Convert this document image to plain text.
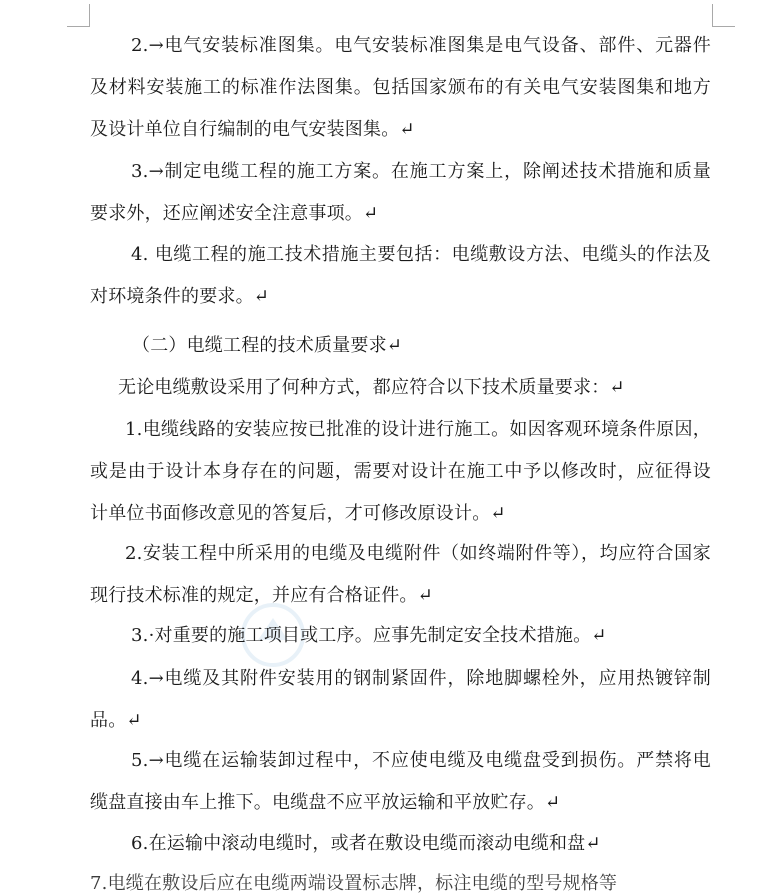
2.→电气安装标准图集。电气安装标准图集是电气设备、部件、元器件
及材料安装施工的标准作法图集。包括国家颁布的有关电气安装图集和地方
及设计单位自行编制的电气安装图集。↵
3.→制定电缆工程的施工方案。在施工方案上，除阐述技术措施和质量
要求外，还应阐述安全注意事项。↵
4. 电缆工程的施工技术措施主要包括：电缆敷设方法、电缆头的作法及
对环境条件的要求。↵
（二）电缆工程的技术质量要求↵
无论电缆敷设采用了何种方式，都应符合以下技术质量要求：↵
1.电缆线路的安装应按已批准的设计进行施工。如因客观环境条件原因，
或是由于设计本身存在的问题，需要对设计在施工中予以修改时，应征得设
计单位书面修改意见的答复后，才可修改原设计。↵
2.安装工程中所采用的电缆及电缆附件（如终端附件等），均应符合国家
现行技术标准的规定，并应有合格证件。↵
3.·对重要的施工项目或工序。应事先制定安全技术措施。↵
4.→电缆及其附件安装用的钢制紧固件，除地脚螺栓外，应用热镀锌制
品。↵
5.→电缆在运输装卸过程中，不应使电缆及电缆盘受到损伤。严禁将电
缆盘直接由车上推下。电缆盘不应平放运输和平放贮存。↵
6.在运输中滚动电缆时，或者在敷设电缆而滚动电缆和盘↵
7.电缆在敷设后应在电缆两端设置标志牌，标注电缆的型号规格等
